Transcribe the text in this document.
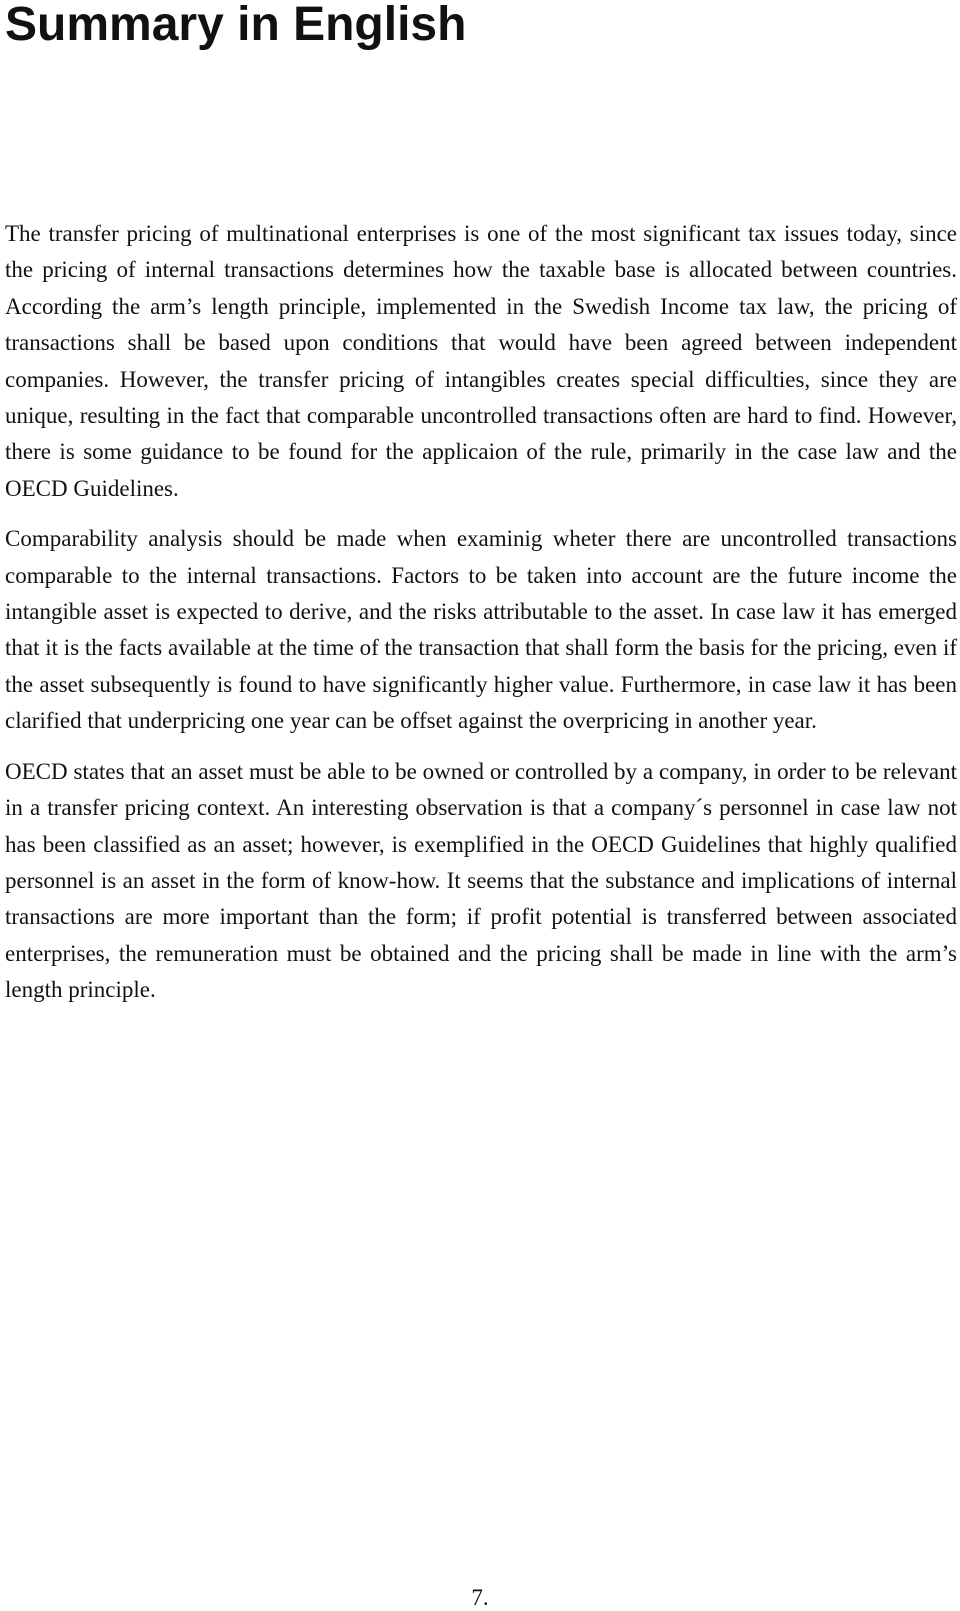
Summary in English

The transfer pricing of multinational enterprises is one of the most significant tax issues today, since the pricing of internal transactions determines how the taxable base is allocated between countries. According the arm’s length principle, implemented in the Swedish Income tax law, the pricing of transactions shall be based upon conditions that would have been agreed between independent companies. However, the transfer pricing of intangibles creates special difficulties, since they are unique, resulting in the fact that comparable uncontrolled transactions often are hard to find. However, there is some guidance to be found for the applicaion of the rule, primarily in the case law and the OECD Guidelines.

Comparability analysis should be made when examinig wheter there are uncontrolled transactions comparable to the internal transactions. Factors to be taken into account are the future income the intangible asset is expected to derive, and the risks attributable to the asset. In case law it has emerged that it is the facts available at the time of the transaction that shall form the basis for the pricing, even if the asset subsequently is found to have significantly higher value. Furthermore, in case law it has been clarified that underpricing one year can be offset against the overpricing in another year.

OECD states that an asset must be able to be owned or controlled by a company, in order to be relevant in a transfer pricing context. An interesting observation is that a company´s personnel in case law not has been classified as an asset; however, is exemplified in the OECD Guidelines that highly qualified personnel is an asset in the form of know-how. It seems that the substance and implications of internal transactions are more important than the form; if profit potential is transferred between associated enterprises, the remuneration must be obtained and the pricing shall be made in line with the arm’s length principle.

7.
